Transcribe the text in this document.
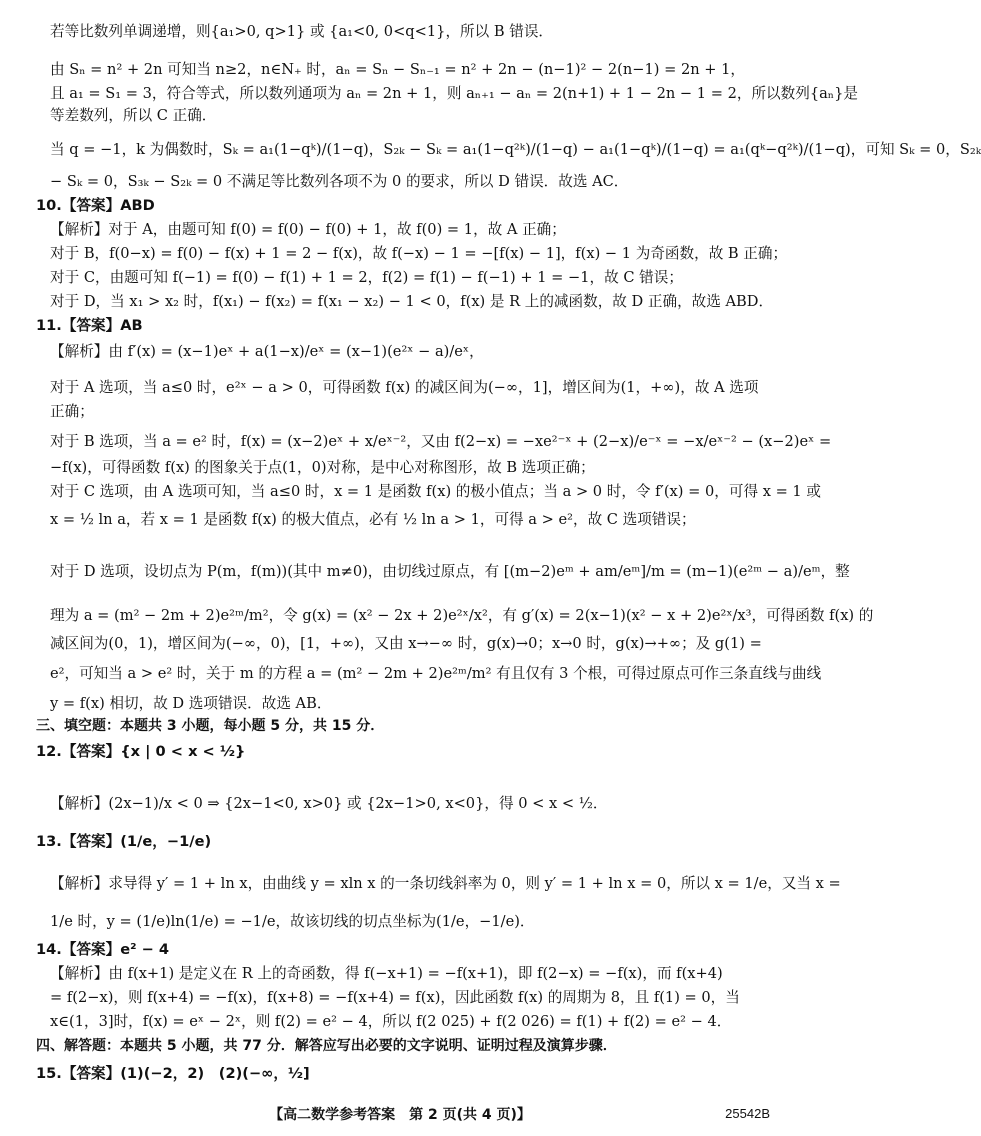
若等比数列单调递增，则{a₁>0, q>1} 或 {a₁<0, 0<q<1}，所以 B 错误．
由 Sₙ = n² + 2n 可知当 n≥2，n∈N₊ 时，aₙ = Sₙ − Sₙ₋₁ = n² + 2n − (n−1)² − 2(n−1) = 2n + 1，
且 a₁ = S₁ = 3，符合等式，所以数列通项为 aₙ = 2n + 1，则 aₙ₊₁ − aₙ = 2(n+1) + 1 − 2n − 1 = 2，所以数列{aₙ}是
等差数列，所以 C 正确．
当 q = −1，k 为偶数时，Sₖ = a₁(1−qᵏ)/(1−q)，S₂ₖ − Sₖ = a₁(1−q²ᵏ)/(1−q) − a₁(1−qᵏ)/(1−q) = a₁(qᵏ−q²ᵏ)/(1−q)，可知 Sₖ = 0，S₂ₖ
− Sₖ = 0，S₃ₖ − S₂ₖ = 0 不满足等比数列各项不为 0 的要求，所以 D 错误．故选 AC．
10.【答案】ABD
【解析】对于 A，由题可知 f(0) = f(0) − f(0) + 1，故 f(0) = 1，故 A 正确；
对于 B，f(0−x) = f(0) − f(x) + 1 = 2 − f(x)，故 f(−x) − 1 = −[f(x) − 1]，f(x) − 1 为奇函数，故 B 正确；
对于 C，由题可知 f(−1) = f(0) − f(1) + 1 = 2，f(2) = f(1) − f(−1) + 1 = −1，故 C 错误；
对于 D，当 x₁ > x₂ 时，f(x₁) − f(x₂) = f(x₁ − x₂) − 1 < 0，f(x) 是 R 上的减函数，故 D 正确，故选 ABD．
11.【答案】AB
【解析】由 f′(x) = (x−1)eˣ + a(1−x)/eˣ = (x−1)(e²ˣ − a)/eˣ，
对于 A 选项，当 a≤0 时，e²ˣ − a > 0，可得函数 f(x) 的减区间为(−∞，1]，增区间为(1，+∞)，故 A 选项
正确；
对于 B 选项，当 a = e² 时，f(x) = (x−2)eˣ + x/eˣ⁻²，又由 f(2−x) = −xe²⁻ˣ + (2−x)/e⁻ˣ = −x/eˣ⁻² − (x−2)eˣ =
−f(x)，可得函数 f(x) 的图象关于点(1，0)对称，是中心对称图形，故 B 选项正确；
对于 C 选项，由 A 选项可知，当 a≤0 时，x = 1 是函数 f(x) 的极小值点；当 a > 0 时，令 f′(x) = 0，可得 x = 1 或
x = ½ ln a，若 x = 1 是函数 f(x) 的极大值点，必有 ½ ln a > 1，可得 a > e²，故 C 选项错误；
对于 D 选项，设切点为 P(m，f(m))(其中 m≠0)，由切线过原点，有 [(m−2)eᵐ + am/eᵐ]/m = (m−1)(e²ᵐ − a)/eᵐ，整
理为 a = (m² − 2m + 2)e²ᵐ/m²，令 g(x) = (x² − 2x + 2)e²ˣ/x²，有 g′(x) = 2(x−1)(x² − x + 2)e²ˣ/x³，可得函数 f(x) 的
减区间为(0，1)，增区间为(−∞，0)，[1，+∞)，又由 x→−∞ 时，g(x)→0；x→0 时，g(x)→+∞；及 g(1) =
e²，可知当 a > e² 时，关于 m 的方程 a = (m² − 2m + 2)e²ᵐ/m² 有且仅有 3 个根，可得过原点可作三条直线与曲线
y = f(x) 相切，故 D 选项错误．故选 AB．
三、填空题：本题共 3 小题，每小题 5 分，共 15 分．
12.【答案】{x | 0 < x < ½}
【解析】(2x−1)/x < 0 ⇒ {2x−1<0, x>0} 或 {2x−1>0, x<0}，得 0 < x < ½．
13.【答案】(1/e，−1/e)
【解析】求导得 y′ = 1 + ln x，由曲线 y = xln x 的一条切线斜率为 0，则 y′ = 1 + ln x = 0，所以 x = 1/e，又当 x =
1/e 时，y = (1/e)ln(1/e) = −1/e，故该切线的切点坐标为(1/e，−1/e)．
14.【答案】e² − 4
【解析】由 f(x+1) 是定义在 R 上的奇函数，得 f(−x+1) = −f(x+1)，即 f(2−x) = −f(x)，而 f(x+4)
= f(2−x)，则 f(x+4) = −f(x)，f(x+8) = −f(x+4) = f(x)，因此函数 f(x) 的周期为 8，且 f(1) = 0，当
x∈(1，3]时，f(x) = eˣ − 2ˣ，则 f(2) = e² − 4，所以 f(2 025) + f(2 026) = f(1) + f(2) = e² − 4．
四、解答题：本题共 5 小题，共 77 分．解答应写出必要的文字说明、证明过程及演算步骤．
15.【答案】(1)(−2，2)　(2)(−∞，½]
【高二数学参考答案　第 2 页(共 4 页)】	25542B
